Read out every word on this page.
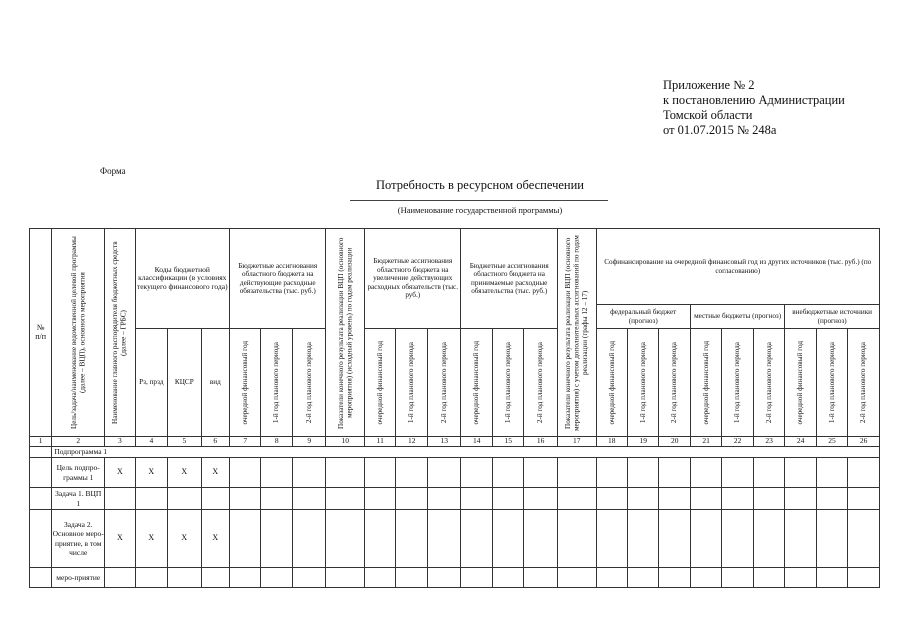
Приложение № 2
к постановлению Администрации
Томской области
от 01.07.2015 № 248а
Форма
Потребность в ресурсном обеспечении
(Наименование государственной программы)
№
п/п	Цель/задача/наименование ведомственной целевой программы (далее – ВЦП), основного мероприятия	Наименование главного распорядителя бюджетных средств (далее – ГРБС)	Коды бюджетной классификации (в условиях текущего финансового года)			Бюджетные ассигнования областного бюджета на действующие расходные обязательства (тыс. руб.)			Показатели конечного результата реализации ВЦП (основного мероприятия) (исходный уровень) по годам реализации	Бюджетные ассигнования областного бюджета на увеличение действующих расходных обязательств (тыс. руб.)			Бюджетные ассигнования областного бюджета на принимаемые расходные обязательства (тыс. руб.)			Показатели конечного результата реализации ВЦП (основного мероприятия) с учетом дополнительных ассигнований по годам реализации (графы 12 – 17)	Софинансирование на очередной финансовый год из других источников (тыс. руб.) (по согласованию)								
																	федеральный бюджет (прогноз)			местные бюджеты (прогноз)			внебюджетные источники (прогноз)		
			Рз, прзд	КЦСР	вид	очередной финансовый год	1-й год планового периода	2-й год планового периода		очередной финансовый год	1-й год планового периода	2-й год планового периода	очередной финансовый год	1-й год планового периода	2-й год планового периода		очередной финансовый год	1-й год планового периода	2-й год планового периода	очередной финансовый год	1-й год планового периода	2-й год планового периода	очередной финансовый год	1-й год планового периода	2-й год планового периода

1	2	3	4	5	6	7	8	9	10	11	12	13	14	15	16	17	18	19	20	21	22	23	24	25	26
	Подпрограмма 1																								
	Цель подпро-граммы 1	X	X	X	X																				
	Задача 1. ВЦП 1																								
	Задача 2. Основное меро-приятие, в том числе	X	X	X	X																				
	меро-приятие																								
